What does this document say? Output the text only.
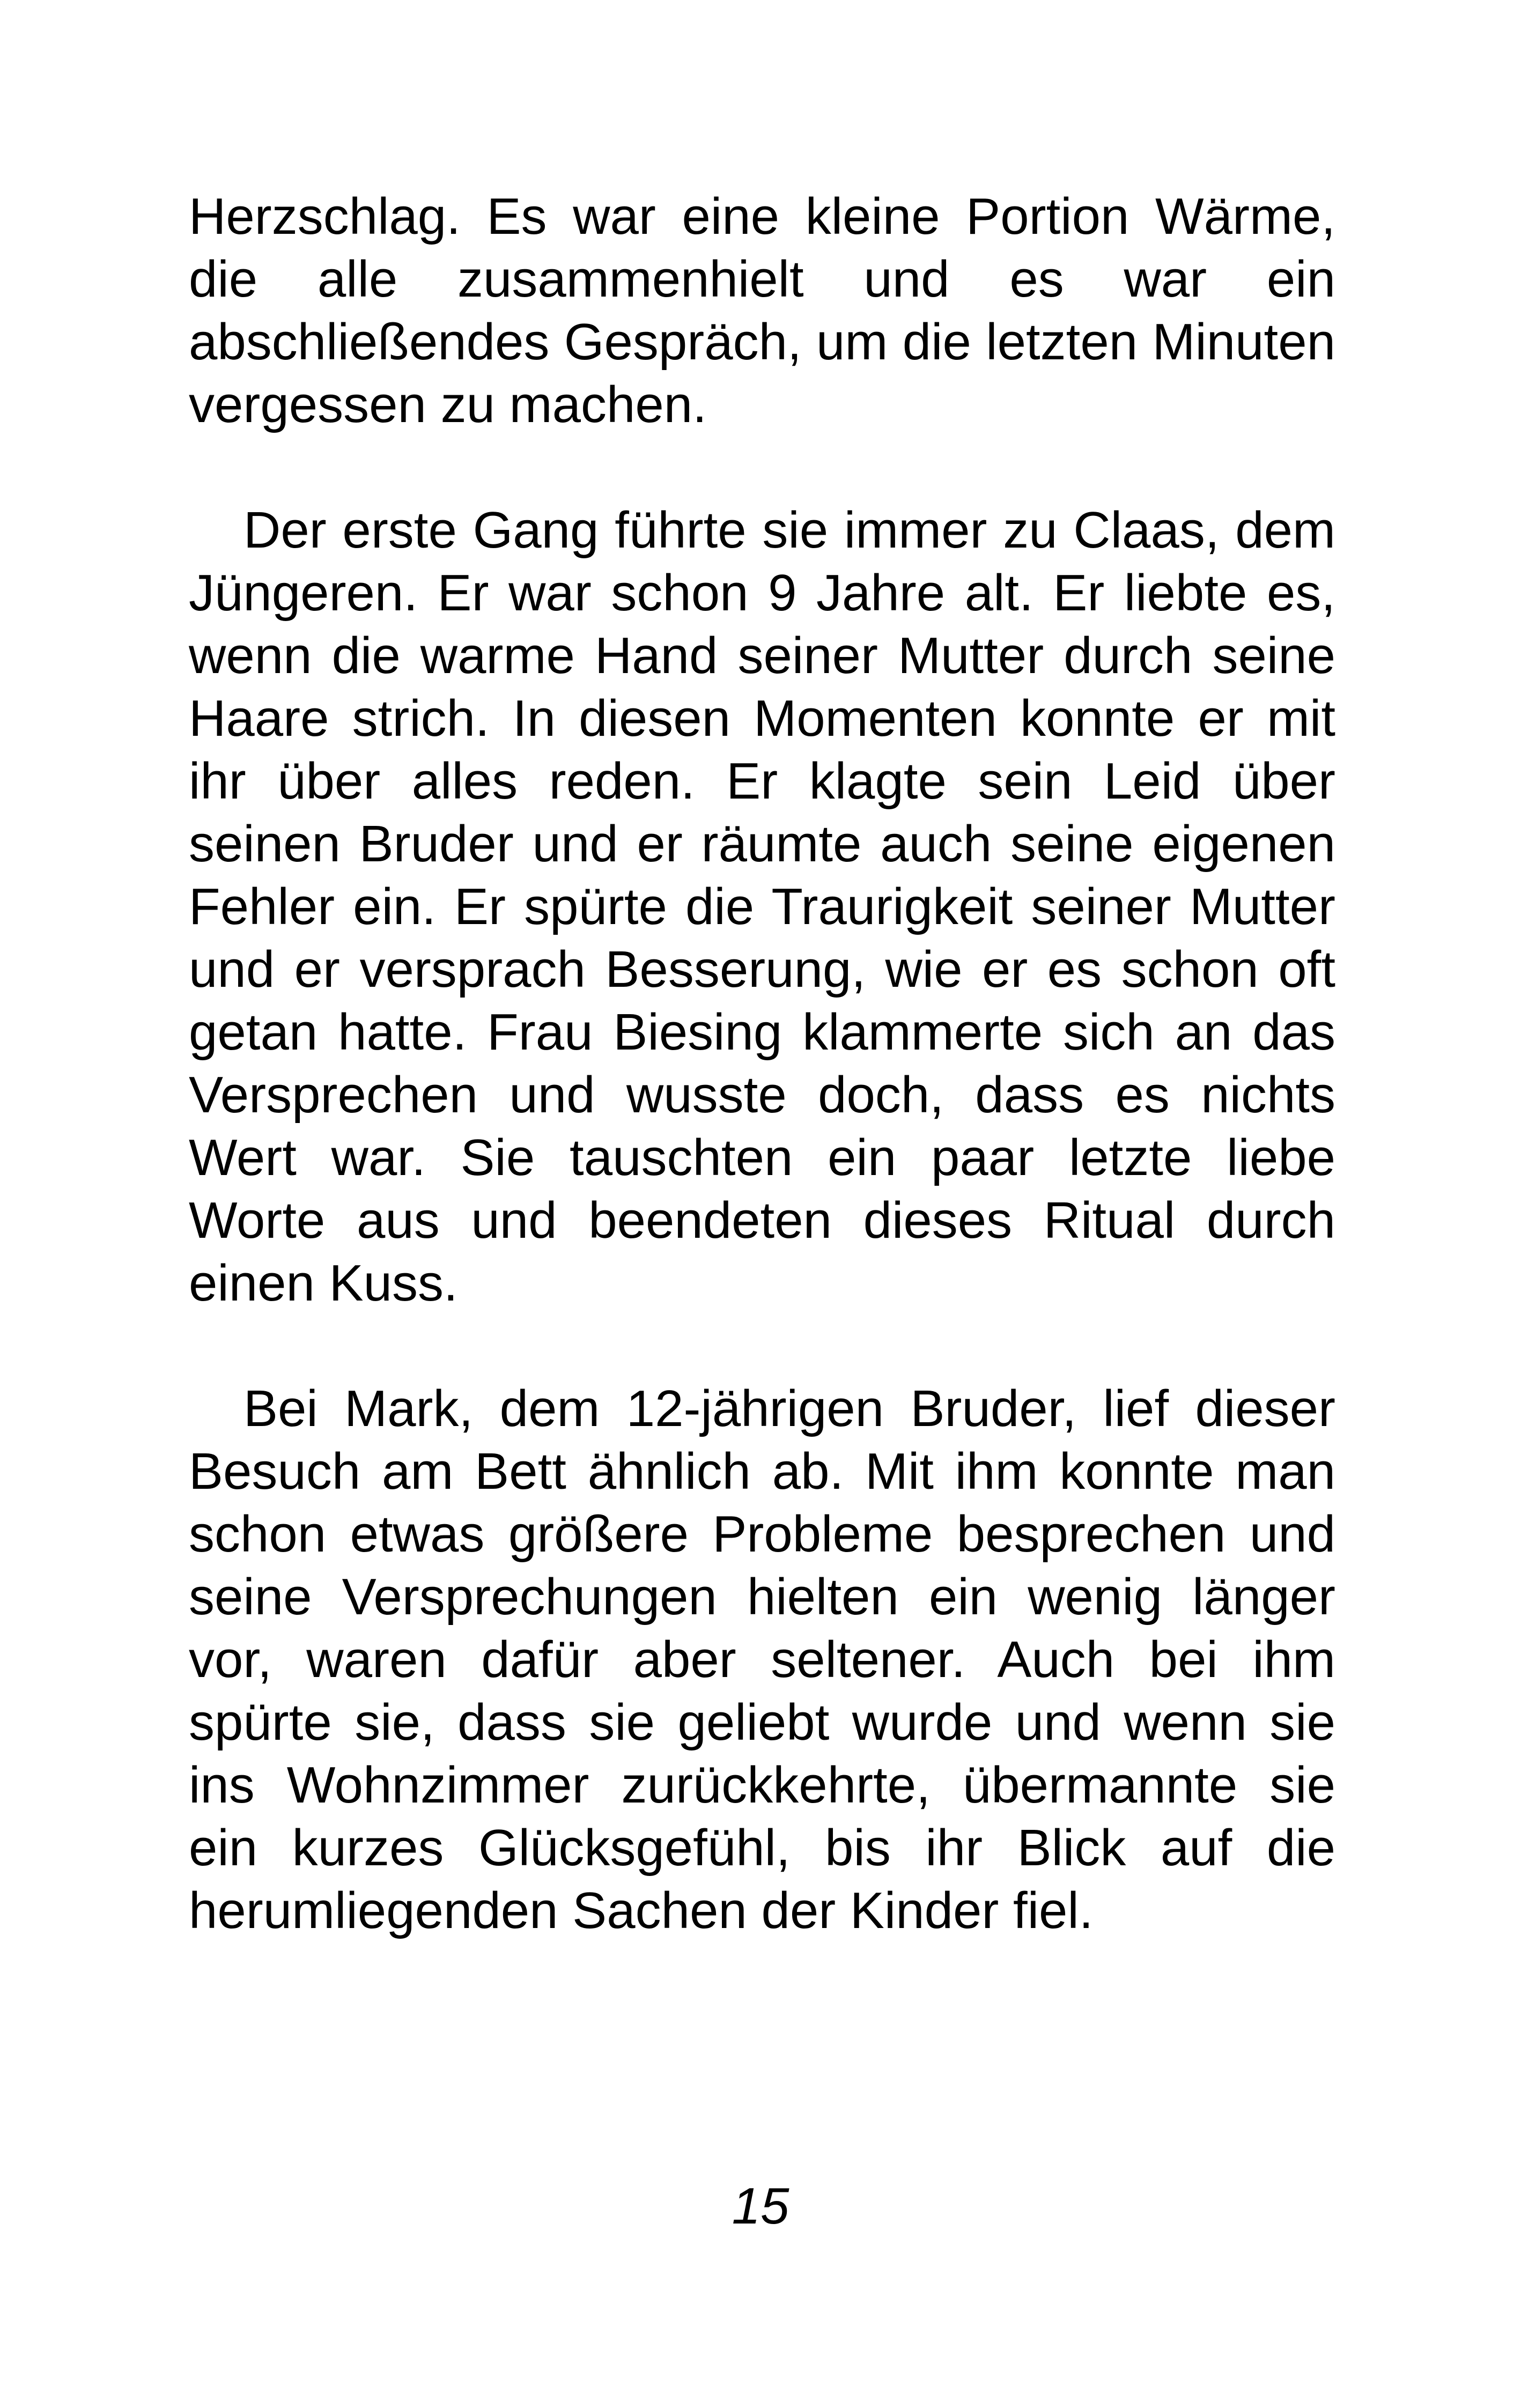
Herzschlag. Es war eine kleine Portion Wärme, die alle zusammenhielt und es war ein abschließendes Gespräch, um die letzten Minuten vergessen zu machen.

Der erste Gang führte sie immer zu Claas, dem Jüngeren. Er war schon 9 Jahre alt. Er liebte es, wenn die warme Hand seiner Mutter durch seine Haare strich. In diesen Momenten konnte er mit ihr über alles reden. Er klagte sein Leid über seinen Bruder und er räumte auch seine eigenen Fehler ein. Er spürte die Traurigkeit seiner Mutter und er versprach Besserung, wie er es schon oft getan hatte. Frau Biesing klammerte sich an das Versprechen und wusste doch, dass es nichts Wert war. Sie tauschten ein paar letzte liebe Worte aus und beendeten dieses Ritual durch einen Kuss.

Bei Mark, dem 12-jährigen Bruder, lief dieser Besuch am Bett ähnlich ab. Mit ihm konnte man schon etwas größere Probleme besprechen und seine Versprechungen hielten ein wenig länger vor, waren dafür aber seltener. Auch bei ihm spürte sie, dass sie geliebt wurde und wenn sie ins Wohnzimmer zurückkehrte, übermannte sie ein kurzes Glücksgefühl, bis ihr Blick auf die herumliegenden Sachen der Kinder fiel.

15
